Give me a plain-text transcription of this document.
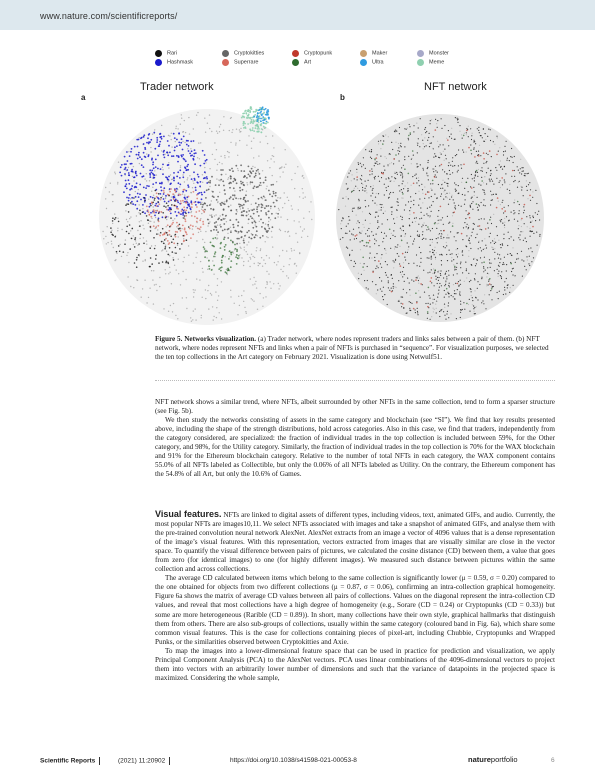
www.nature.com/scientificreports/
Rari
Hashmask
Cryptokitties
Superrare
Cryptopunk
Art
Maker
Ultra
Monster
Meme
a
Trader network
b
NFT network
Figure 5. Networks visualization. (a) Trader network, where nodes represent traders and links sales between a pair of them. (b) NFT network, where nodes represent NFTs and links when a pair of NFTs is purchased in “sequence”. For visualization purposes, we selected the ten top collections in the Art category on February 2021. Visualization is done using Netwulf51.

NFT network shows a similar trend, where NFTs, albeit surrounded by other NFTs in the same collection, tend to form a sparser structure (see Fig. 5b).

We then study the networks consisting of assets in the same category and blockchain (see “SI”). We find that key results presented above, including the shape of the strength distributions, hold across categories. Also in this case, we find that traders, independently from the category considered, are specialized: the fraction of individual trades in the top collection is included between 59%, for the Other category, and 98%, for the Utility category. Similarly, the fraction of individual trades in the top collection is 70% for the WAX blockchain and 91% for the Ethereum blockchain category. Relative to the number of total NFTs in each category, the WAX component contains 55.0% of all NFTs labeled as Collectible, but only the 0.06% of all NFTs labeled as Utility. On the contrary, the Ethereum component has the 54.8% of all Art, but only the 10.6% of Games.

Visual features. NFTs are linked to digital assets of different types, including videos, text, animated GIFs, and audio. Currently, the most popular NFTs are images10,11. We select NFTs associated with images and take a snapshot of animated GIFs, and analyse them with the pre-trained convolution neural network AlexNet. AlexNet extracts from an image a vector of 4096 values that is a dense representation of the image’s visual features. With this representation, vectors extracted from images that are visually similar are close in the vector space. To quantify the visual difference between pairs of pictures, we calculated the cosine distance (CD) between them, a value that goes from zero (for identical images) to one (for highly different images). We measured such distance between pictures within the same collection and across collections.

The average CD calculated between items which belong to the same collection is significantly lower (μ = 0.59, σ = 0.20) compared to the one obtained for objects from two different collections (μ = 0.87, σ = 0.06), confirming an intra-collection graphical homogeneity. Figure 6a shows the matrix of average CD values between all pairs of collections. Values on the diagonal represent the intra-collection CD values, and reveal that most collections have a high degree of homogeneity (e.g., Sorare (CD = 0.24) or Cryptopunks (CD = 0.33)) but some are more heterogeneous (Rarible (CD = 0.89)). In short, many collections have their own style, graphical hallmarks that distinguish them from others. There are also sub-groups of collections, usually within the same category (coloured band in Fig. 6a), which share some common visual features. This is the case for collections containing pieces of pixel-art, including Chubbie, Cryptopunks and Wrapped Punks, or the similarities observed between Cryptokitties and Axie.

To map the images into a lower-dimensional feature space that can be used in practice for prediction and visualization, we apply Principal Component Analysis (PCA) to the AlexNet vectors. PCA uses linear combinations of the 4096-dimensional vectors to project them into vectors with an arbitrarily lower number of dimensions and such that the variance of datapoints in the projected space is maximized. Considering the whole sample,

Scientific Reports	(2021) 11:20902	https://doi.org/10.1038/s41598-021-00053-8	natureportfolio	6
